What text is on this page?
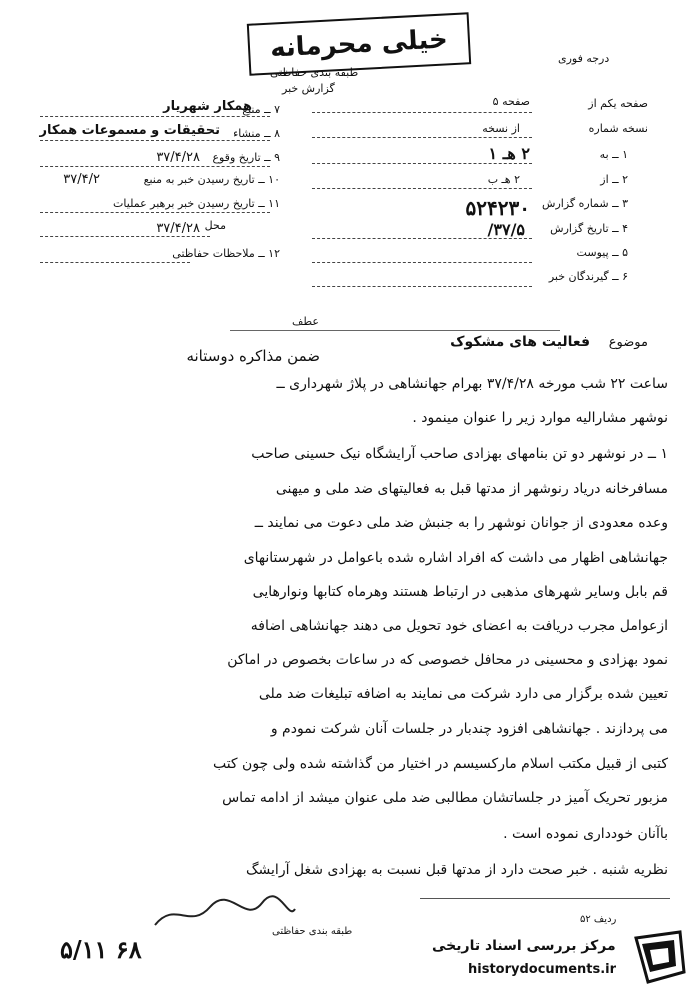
خیلی محرمانه
طبقه بندی حفاظتی
گزارش خبر
درجه فوری
۷ ــ منبع
همکار شهریار
۸ ــ منشاء
تحقیقات و مسموعات همکار
۹ ــ تاریخ وقوع
۳۷/۴/۲۸
۱۰ ــ تاریخ رسیدن خبر به منبع
۳۷/۴/۲
۱۱ ــ تاریخ رسیدن خبر برهبر عملیات
محل
۳۷/۴/۲۸
۱۲ ــ ملاحظات حفاظتی
صفحه یکم از
صفحه ۵
نسخه شماره
از نسخه
۱ ــ به
۲ هـ ۱
۲ ــ از
۲ هـ ب
۳ ــ شماره گزارش
۵۲۴۲۳۰
۴ ــ تاریخ گزارش
۳۷/۵/
۵ ــ پیوست
۶ ــ گیرندگان خبر
عطف
موضوع
فعالیت های مشکوک
ضمن مذاکره دوستانه
ساعت ۲۲ شب مورخه ۳۷/۴/۲۸ بهرام جهانشاهی در پلاژ شهرداری ــ
نوشهر مشارالیه موارد زیر را عنوان مینمود .
۱ ــ در نوشهر دو تن بنامهای بهزادی صاحب آرایشگاه نیک حسینی صاحب
مسافرخانه دریاد رنوشهر از مدتها قبل به فعالیتهای ضد ملی و میهنی
وعده معدودی از جوانان نوشهر را به جنبش ضد ملی دعوت می نمایند ــ
جهانشاهی اظهار می داشت که افراد اشاره شده باعوامل در شهرستانهای
قم بابل وسایر شهرهای مذهبی در ارتباط هستند وهرماه کتابها ونوارهایی
ازعوامل مجرب دریافت به اعضای خود تحویل می دهند جهانشاهی اضافه
نمود بهزادی و محسینی در محافل خصوصی که در ساعات بخصوص در اماکن
تعیین شده برگزار می دارد شرکت می نمایند به اضافه تبلیغات ضد ملی
می پردازند . جهانشاهی افزود چندبار در جلسات آنان شرکت نمودم و
کتبی از قبیل مکتب اسلام مارکسیسم در اختیار من گذاشته شده ولی چون کتب
مزبور تحریک آمیز در جلساتشان مطالبی ضد ملی عنوان میشد از ادامه تماس
باآنان خودداری نموده است .
نظریه شنبه . خبر صحت دارد از مدتها قبل نسبت به بهزادی شغل آرایشگ
۶۸ ۵/۱۱
طبقه بندی حفاظتی
ردیف ۵۲
مرکز بررسی اسناد تاریخی
historydocuments.ir
